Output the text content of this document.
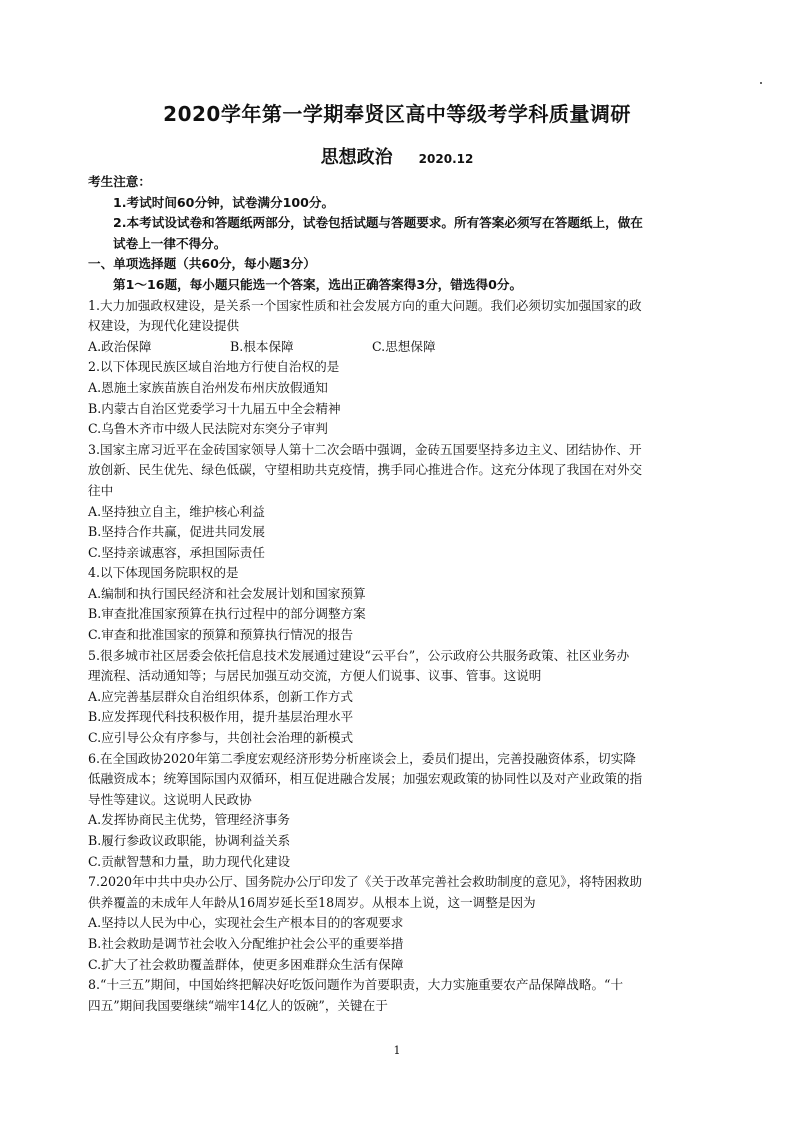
2020学年第一学期奉贤区高中等级考学科质量调研
思想政治 2020.12

考生注意：

1.考试时间60分钟，试卷满分100分。

2.本考试设试卷和答题纸两部分，试卷包括试题与答题要求。所有答案必须写在答题纸上，做在

试卷上一律不得分。

一、单项选择题（共60分，每小题3分）

第1～16题，每小题只能选一个答案，选出正确答案得3分，错选得0分。

1.大力加强政权建设，是关系一个国家性质和社会发展方向的重大问题。我们必须切实加强国家的政

权建设，为现代化建设提供

A.政治保障	B.根本保障	C.思想保障

2.以下体现民族区域自治地方行使自治权的是

A.恩施土家族苗族自治州发布州庆放假通知

B.内蒙古自治区党委学习十九届五中全会精神

C.乌鲁木齐市中级人民法院对东突分子审判

3.国家主席习近平在金砖国家领导人第十二次会晤中强调，金砖五国要坚持多边主义、团结协作、开

放创新、民生优先、绿色低碳，守望相助共克疫情，携手同心推进合作。这充分体现了我国在对外交

往中

A.坚持独立自主，维护核心利益

B.坚持合作共赢，促进共同发展

C.坚持亲诚惠容，承担国际责任

4.以下体现国务院职权的是

A.编制和执行国民经济和社会发展计划和国家预算

B.审查批准国家预算在执行过程中的部分调整方案

C.审查和批准国家的预算和预算执行情况的报告

5.很多城市社区居委会依托信息技术发展通过建设“云平台”，公示政府公共服务政策、社区业务办

理流程、活动通知等；与居民加强互动交流，方便人们说事、议事、管事。这说明

A.应完善基层群众自治组织体系，创新工作方式

B.应发挥现代科技积极作用，提升基层治理水平

C.应引导公众有序参与，共创社会治理的新模式

6.在全国政协2020年第二季度宏观经济形势分析座谈会上，委员们提出，完善投融资体系，切实降

低融资成本；统筹国际国内双循环，相互促进融合发展；加强宏观政策的协同性以及对产业政策的指

导性等建议。这说明人民政协

A.发挥协商民主优势，管理经济事务

B.履行参政议政职能，协调利益关系

C.贡献智慧和力量，助力现代化建设

7.2020年中共中央办公厅、国务院办公厅印发了《关于改革完善社会救助制度的意见》，将特困救助

供养覆盖的未成年人年龄从16周岁延长至18周岁。从根本上说，这一调整是因为

A.坚持以人民为中心，实现社会生产根本目的的客观要求

B.社会救助是调节社会收入分配维护社会公平的重要举措

C.扩大了社会救助覆盖群体，使更多困难群众生活有保障

8.“十三五”期间，中国始终把解决好吃饭问题作为首要职责，大力实施重要农产品保障战略。“十

四五”期间我国要继续“端牢14亿人的饭碗”，关键在于

1
